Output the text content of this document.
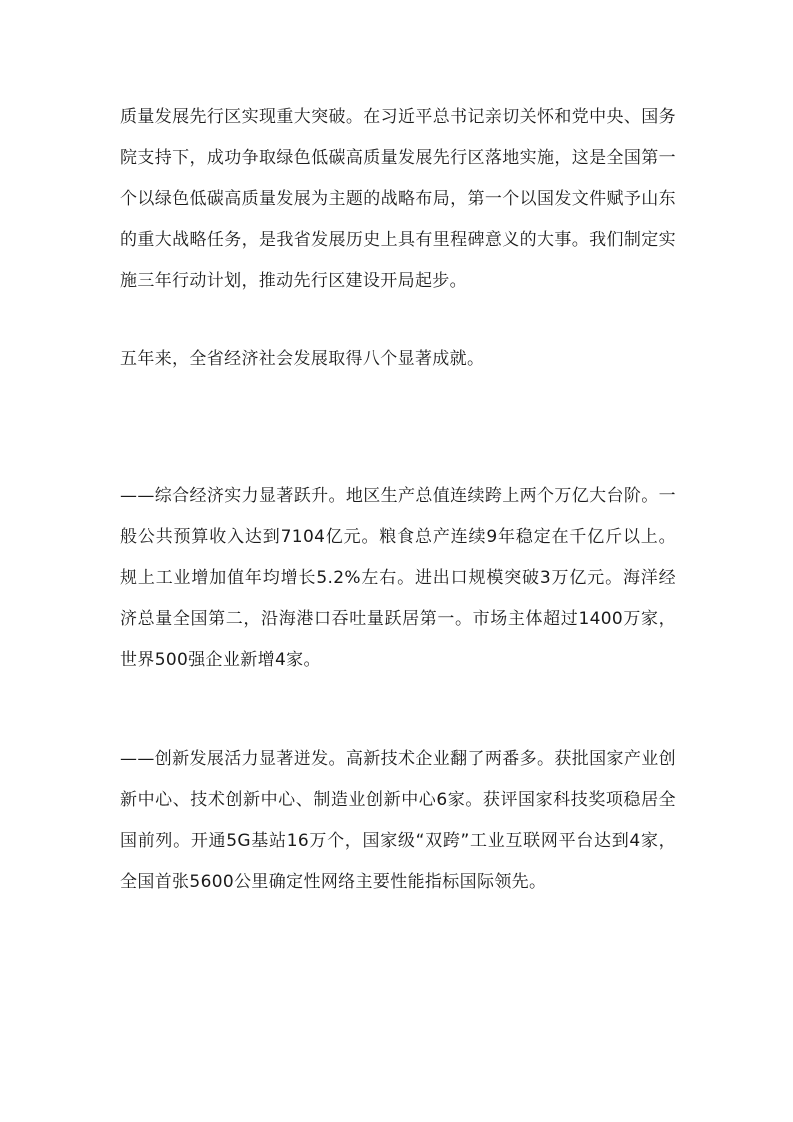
质量发展先行区实现重大突破。在习近平总书记亲切关怀和党中央、国务院支持下，成功争取绿色低碳高质量发展先行区落地实施，这是全国第一个以绿色低碳高质量发展为主题的战略布局，第一个以国发文件赋予山东的重大战略任务，是我省发展历史上具有里程碑意义的大事。我们制定实施三年行动计划，推动先行区建设开局起步。

五年来，全省经济社会发展取得八个显著成就。

——综合经济实力显著跃升。地区生产总值连续跨上两个万亿大台阶。一般公共预算收入达到7104亿元。粮食总产连续9年稳定在千亿斤以上。规上工业增加值年均增长5.2%左右。进出口规模突破3万亿元。海洋经济总量全国第二，沿海港口吞吐量跃居第一。市场主体超过1400万家，世界500强企业新增4家。

——创新发展活力显著迸发。高新技术企业翻了两番多。获批国家产业创新中心、技术创新中心、制造业创新中心6家。获评国家科技奖项稳居全国前列。开通5G基站16万个，国家级“双跨”工业互联网平台达到4家，全国首张5600公里确定性网络主要性能指标国际领先。
